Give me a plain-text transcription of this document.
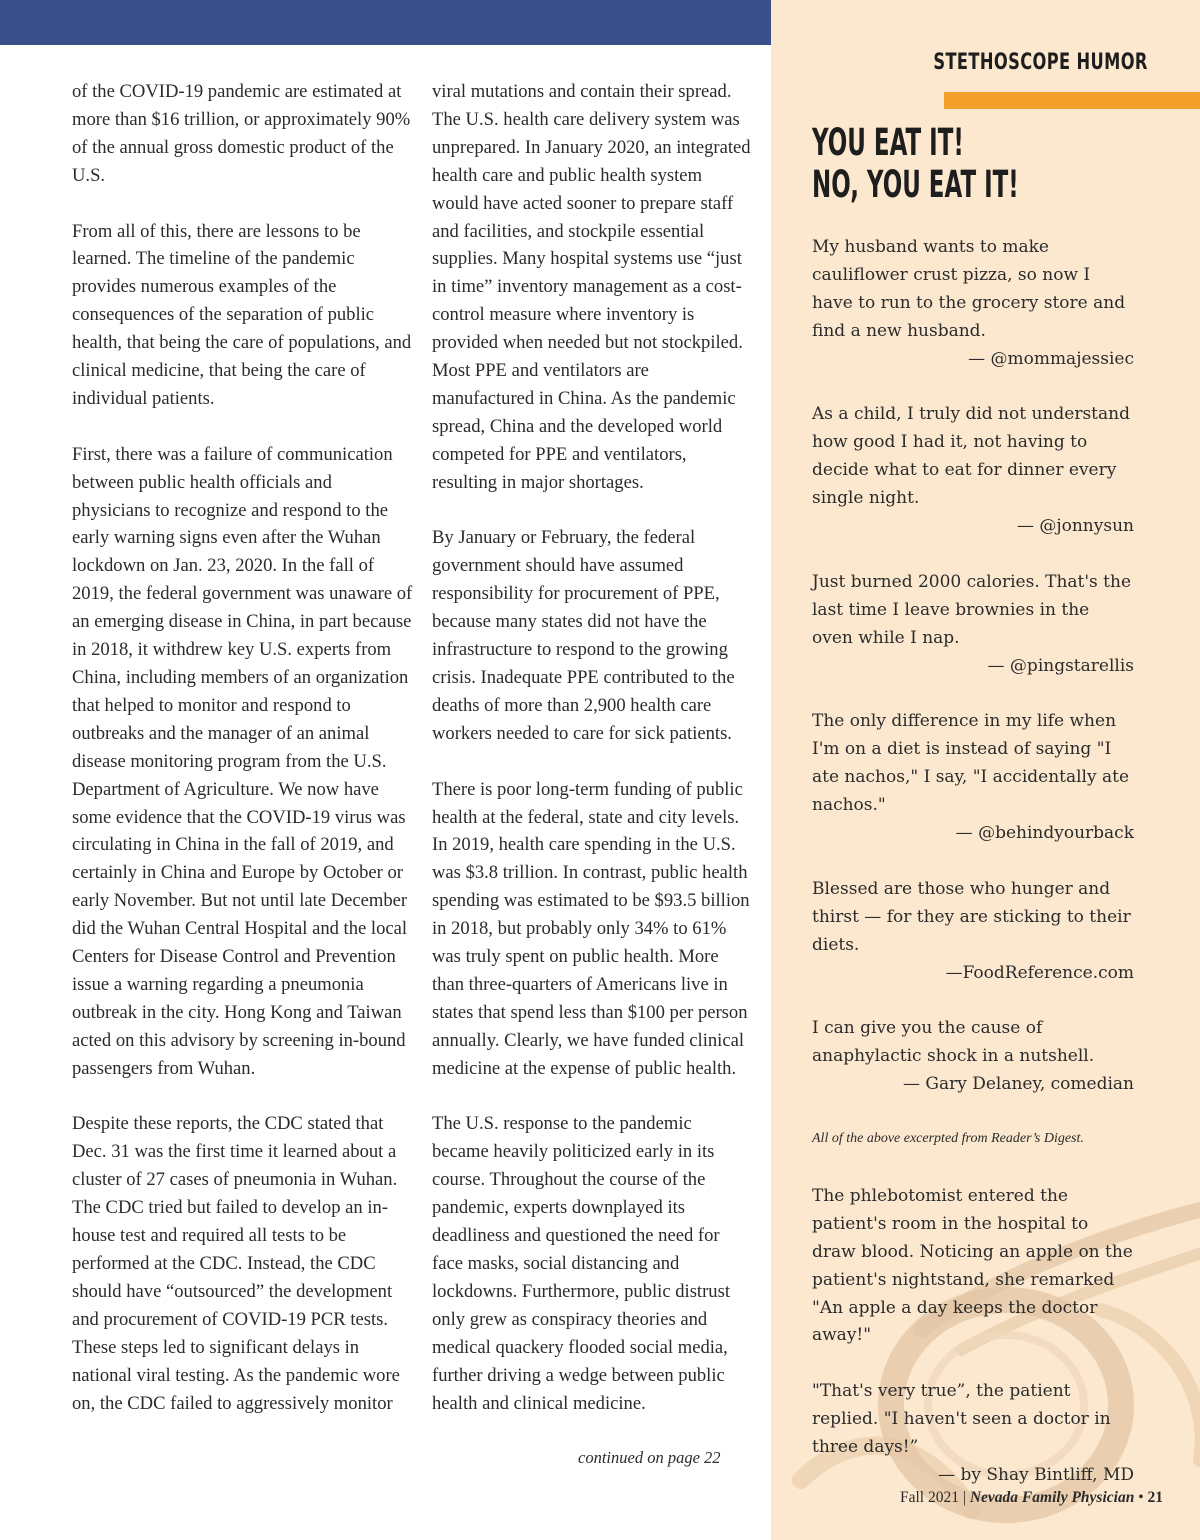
of the COVID-19 pandemic are estimated at more than $16 trillion, or approximately 90% of the annual gross domestic product of the U.S.

From all of this, there are lessons to be learned. The timeline of the pandemic provides numerous examples of the consequences of the separation of public health, that being the care of populations, and clinical medicine, that being the care of individual patients.

First, there was a failure of communication between public health officials and physicians to recognize and respond to the early warning signs even after the Wuhan lockdown on Jan. 23, 2020. In the fall of 2019, the federal government was unaware of an emerging disease in China, in part because in 2018, it withdrew key U.S. experts from China, including members of an organization that helped to monitor and respond to outbreaks and the manager of an animal disease monitoring program from the U.S. Department of Agriculture. We now have some evidence that the COVID-19 virus was circulating in China in the fall of 2019, and certainly in China and Europe by October or early November. But not until late December did the Wuhan Central Hospital and the local Centers for Disease Control and Prevention issue a warning regarding a pneumonia outbreak in the city. Hong Kong and Taiwan acted on this advisory by screening in-bound passengers from Wuhan.

Despite these reports, the CDC stated that Dec. 31 was the first time it learned about a cluster of 27 cases of pneumonia in Wuhan. The CDC tried but failed to develop an in-house test and required all tests to be performed at the CDC. Instead, the CDC should have “outsourced” the development and procurement of COVID-19 PCR tests. These steps led to significant delays in national viral testing. As the pandemic wore on, the CDC failed to aggressively monitor

viral mutations and contain their spread. The U.S. health care delivery system was unprepared. In January 2020, an integrated health care and public health system would have acted sooner to prepare staff and facilities, and stockpile essential supplies. Many hospital systems use “just in time” inventory management as a cost-control measure where inventory is provided when needed but not stockpiled. Most PPE and ventilators are manufactured in China. As the pandemic spread, China and the developed world competed for PPE and ventilators, resulting in major shortages.

By January or February, the federal government should have assumed responsibility for procurement of PPE, because many states did not have the infrastructure to respond to the growing crisis. Inadequate PPE contributed to the deaths of more than 2,900 health care workers needed to care for sick patients.

There is poor long-term funding of public health at the federal, state and city levels. In 2019, health care spending in the U.S. was $3.8 trillion. In contrast, public health spending was estimated to be $93.5 billion in 2018, but probably only 34% to 61% was truly spent on public health. More than three-quarters of Americans live in states that spend less than $100 per person annually. Clearly, we have funded clinical medicine at the expense of public health.

The U.S. response to the pandemic became heavily politicized early in its course. Throughout the course of the pandemic, experts downplayed its deadliness and questioned the need for face masks, social distancing and lockdowns. Furthermore, public distrust only grew as conspiracy theories and medical quackery flooded social media, further driving a wedge between public health and clinical medicine.

continued on page 22
STETHOSCOPE HUMOR
YOU EAT IT!
NO, YOU EAT IT!
My husband wants to make cauliflower crust pizza, so now I have to run to the grocery store and find a new husband.
— @mommajessiec
As a child, I truly did not understand how good I had it, not having to decide what to eat for dinner every single night.
— @jonnysun
Just burned 2000 calories. That's the last time I leave brownies in the oven while I nap.
— @pingstarellis
The only difference in my life when I'm on a diet is instead of saying "I ate nachos," I say, "I accidentally ate nachos."
— @behindyourback
Blessed are those who hunger and thirst — for they are sticking to their diets.
—FoodReference.com
I can give you the cause of anaphylactic shock in a nutshell.
— Gary Delaney, comedian
All of the above excerpted from Reader’s Digest.
The phlebotomist entered the patient's room in the hospital to draw blood. Noticing an apple on the patient's nightstand, she remarked "An apple a day keeps the doctor away!"
"That's very true”, the patient replied. "I haven't seen a doctor in three days!”
— by Shay Bintliff, MD
Fall 2021 | Nevada Family Physician • 21
